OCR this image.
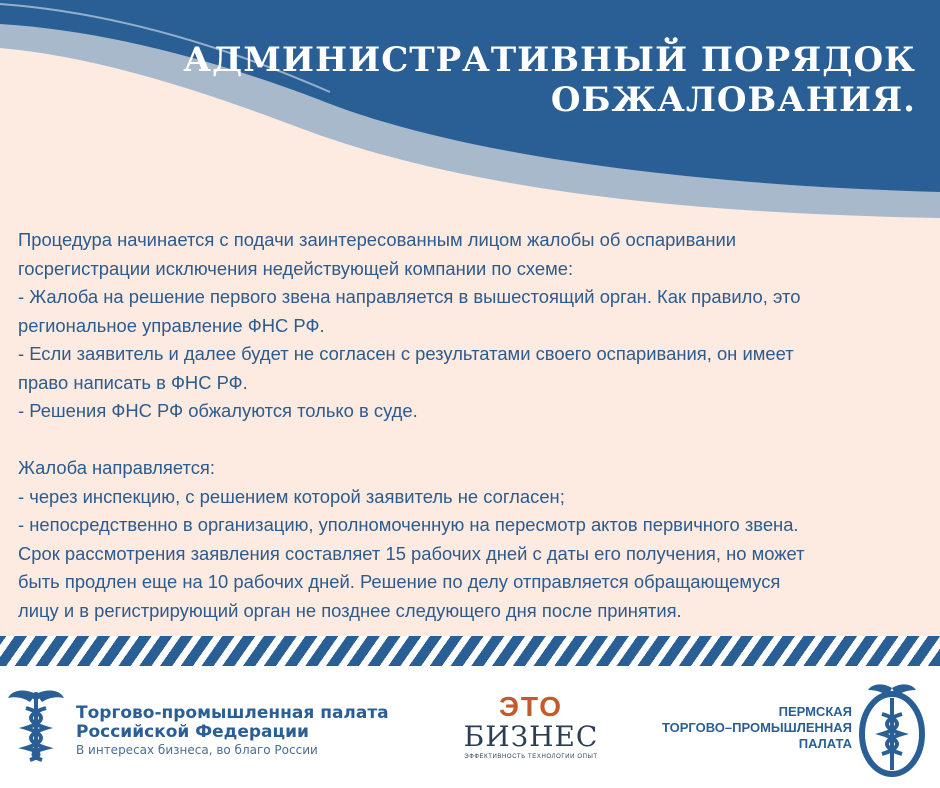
АДМИНИСТРАТИВНЫЙ ПОРЯДОК
ОБЖАЛОВАНИЯ.

Процедура начинается с подачи заинтересованным лицом жалобы об оспаривании

госрегистрации исключения недействующей компании по схеме:

- Жалоба на решение первого звена направляется в вышестоящий орган. Как правило, это

региональное управление ФНС РФ.

- Если заявитель и далее будет не согласен с результатами своего оспаривания, он имеет

право написать в ФНС РФ.

- Решения ФНС РФ обжалуются только в суде.

Жалоба направляется:

- через инспекцию, с решением которой заявитель не согласен;

- непосредственно в организацию, уполномоченную на пересмотр актов первичного звена.

Срок рассмотрения заявления составляет 15 рабочих дней с даты его получения, но может

быть продлен еще на 10 рабочих дней. Решение по делу отправляется обращающемуся

лицу и в регистрирующий орган не позднее следующего дня после принятия.

Торгово-промышленная палата
Российской Федерации
В интересах бизнеса, во благо России
ЭТО
БИЗНЕС
ЭФФЕКТИВНОСТЬ ТЕХНОЛОГИИ ОПЫТ
ПЕРМСКАЯ
ТОРГОВО–ПРОМЫШЛЕННАЯ
ПАЛАТА
